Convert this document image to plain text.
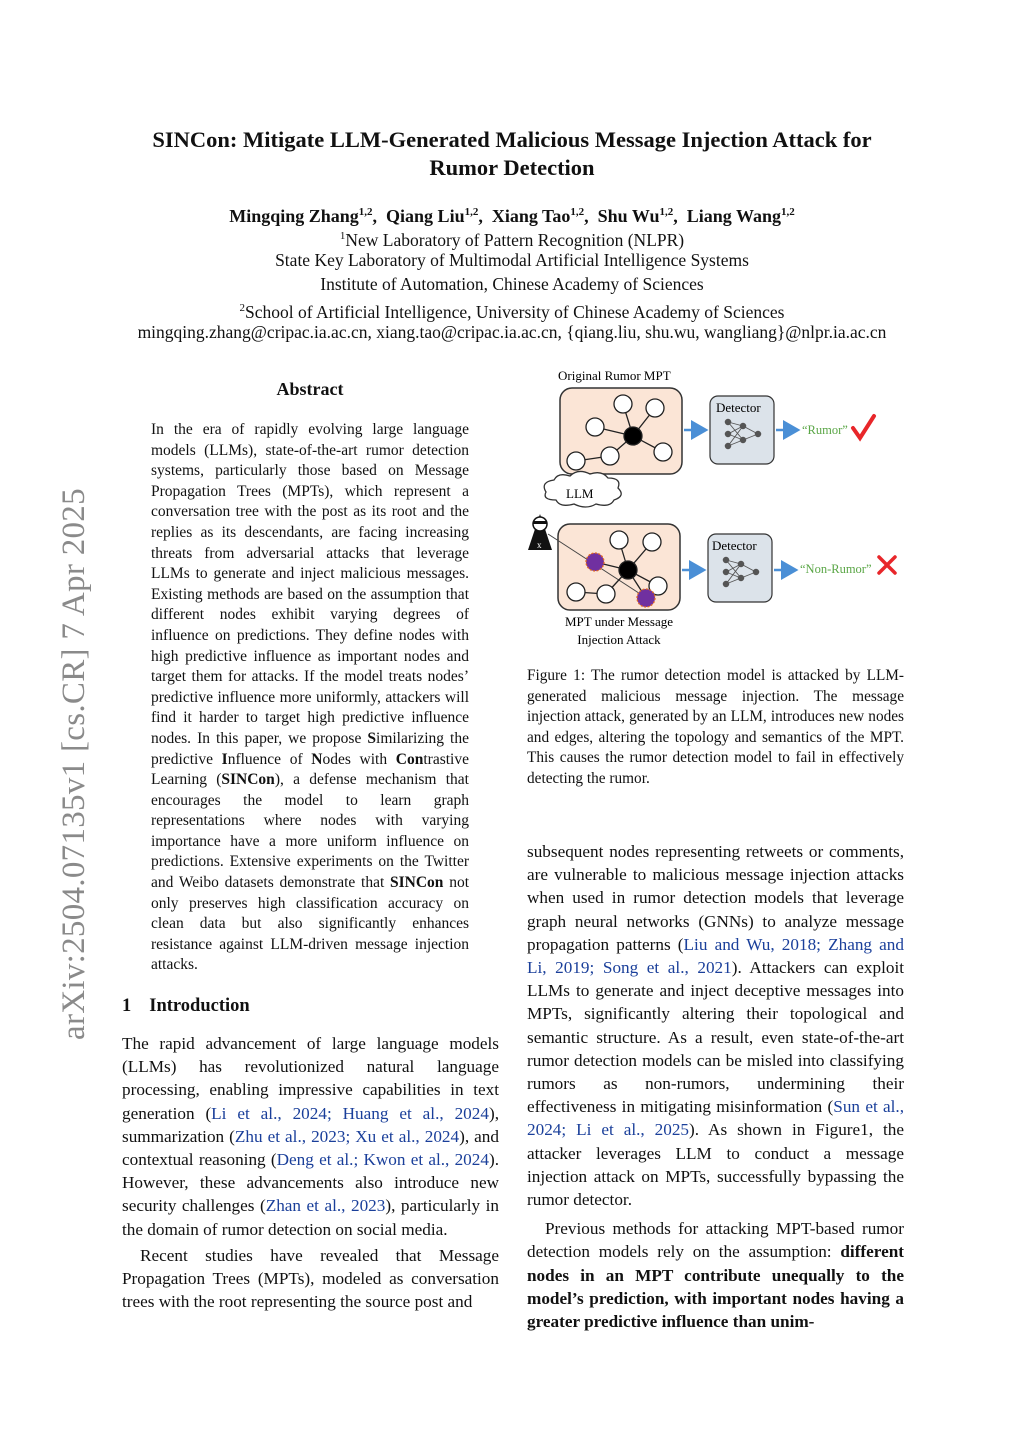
SINCon: Mitigate LLM-Generated Malicious Message Injection Attack for
Rumor Detection
Mingqing Zhang$^{1,2}$,  Qiang Liu$^{1,2}$,  Xiang Tao$^{1,2}$,  Shu Wu$^{1,2}$,  Liang Wang$^{1,2}$
$^1$New Laboratory of Pattern Recognition (NLPR)
State Key Laboratory of Multimodal Artificial Intelligence Systems
Institute of Automation, Chinese Academy of Sciences
$^2$School of Artificial Intelligence, University of Chinese Academy of Sciences
mingqing.zhang@cripac.ia.ac.cn, xiang.tao@cripac.ia.ac.cn, {qiang.liu, shu.wu, wangliang}@nlpr.ia.ac.cn
arXiv:2504.07135v1 [cs.CR] 7 Apr 2025
Abstract
In the era of rapidly evolving large language models (LLMs), state-of-the-art rumor detection systems, particularly those based on Message Propagation Trees (MPTs), which represent a conversation tree with the post as its root and the replies as its descendants, are facing increasing threats from adversarial attacks that leverage LLMs to generate and inject malicious messages. Existing methods are based on the assumption that different nodes exhibit varying degrees of influence on predictions. They define nodes with high predictive influence as important nodes and target them for attacks. If the model treats nodes’ predictive influence more uniformly, attackers will find it harder to target high predictive influence nodes. In this paper, we propose Similarizing the predictive Influence of Nodes with Contrastive Learning (SINCon), a defense mechanism that encourages the model to learn graph representations where nodes with varying importance have a more uniform influence on predictions. Extensive experiments on the Twitter and Weibo datasets demonstrate that SINCon not only preserves high classification accuracy on clean data but also significantly enhances resistance against LLM-driven message injection attacks.
1 Introduction

The rapid advancement of large language models (LLMs) has revolutionized natural language processing, enabling impressive capabilities in text generation (Li et al., 2024; Huang et al., 2024), summarization (Zhu et al., 2023; Xu et al., 2024), and contextual reasoning (Deng et al.; Kwon et al., 2024). However, these advancements also introduce new security challenges (Zhan et al., 2023), particularly in the domain of rumor detection on social media.

Recent studies have revealed that Message Propagation Trees (MPTs), modeled as conversation trees with the root representing the source post and

Original Rumor MPT
Detector
“Rumor”
LLM
x	Detector
“Non-Rumor”
MPT under Message
Injection Attack
Figure 1: The rumor detection model is attacked by LLM-generated malicious message injection. The message injection attack, generated by an LLM, introduces new nodes and edges, altering the topology and semantics of the MPT. This causes the rumor detection model to fail in effectively detecting the rumor.

subsequent nodes representing retweets or comments, are vulnerable to malicious message injection attacks when used in rumor detection models that leverage graph neural networks (GNNs) to analyze message propagation patterns (Liu and Wu, 2018; Zhang and Li, 2019; Song et al., 2021). Attackers can exploit LLMs to generate and inject deceptive messages into MPTs, significantly altering their topological and semantic structure. As a result, even state-of-the-art rumor detection models can be misled into classifying rumors as non-rumors, undermining their effectiveness in mitigating misinformation (Sun et al., 2024; Li et al., 2025). As shown in Figure1, the attacker leverages LLM to conduct a message injection attack on MPTs, successfully bypassing the rumor detector.

Previous methods for attacking MPT-based rumor detection models rely on the assumption: different nodes in an MPT contribute unequally to the model’s prediction, with important nodes having a greater predictive influence than unim-
